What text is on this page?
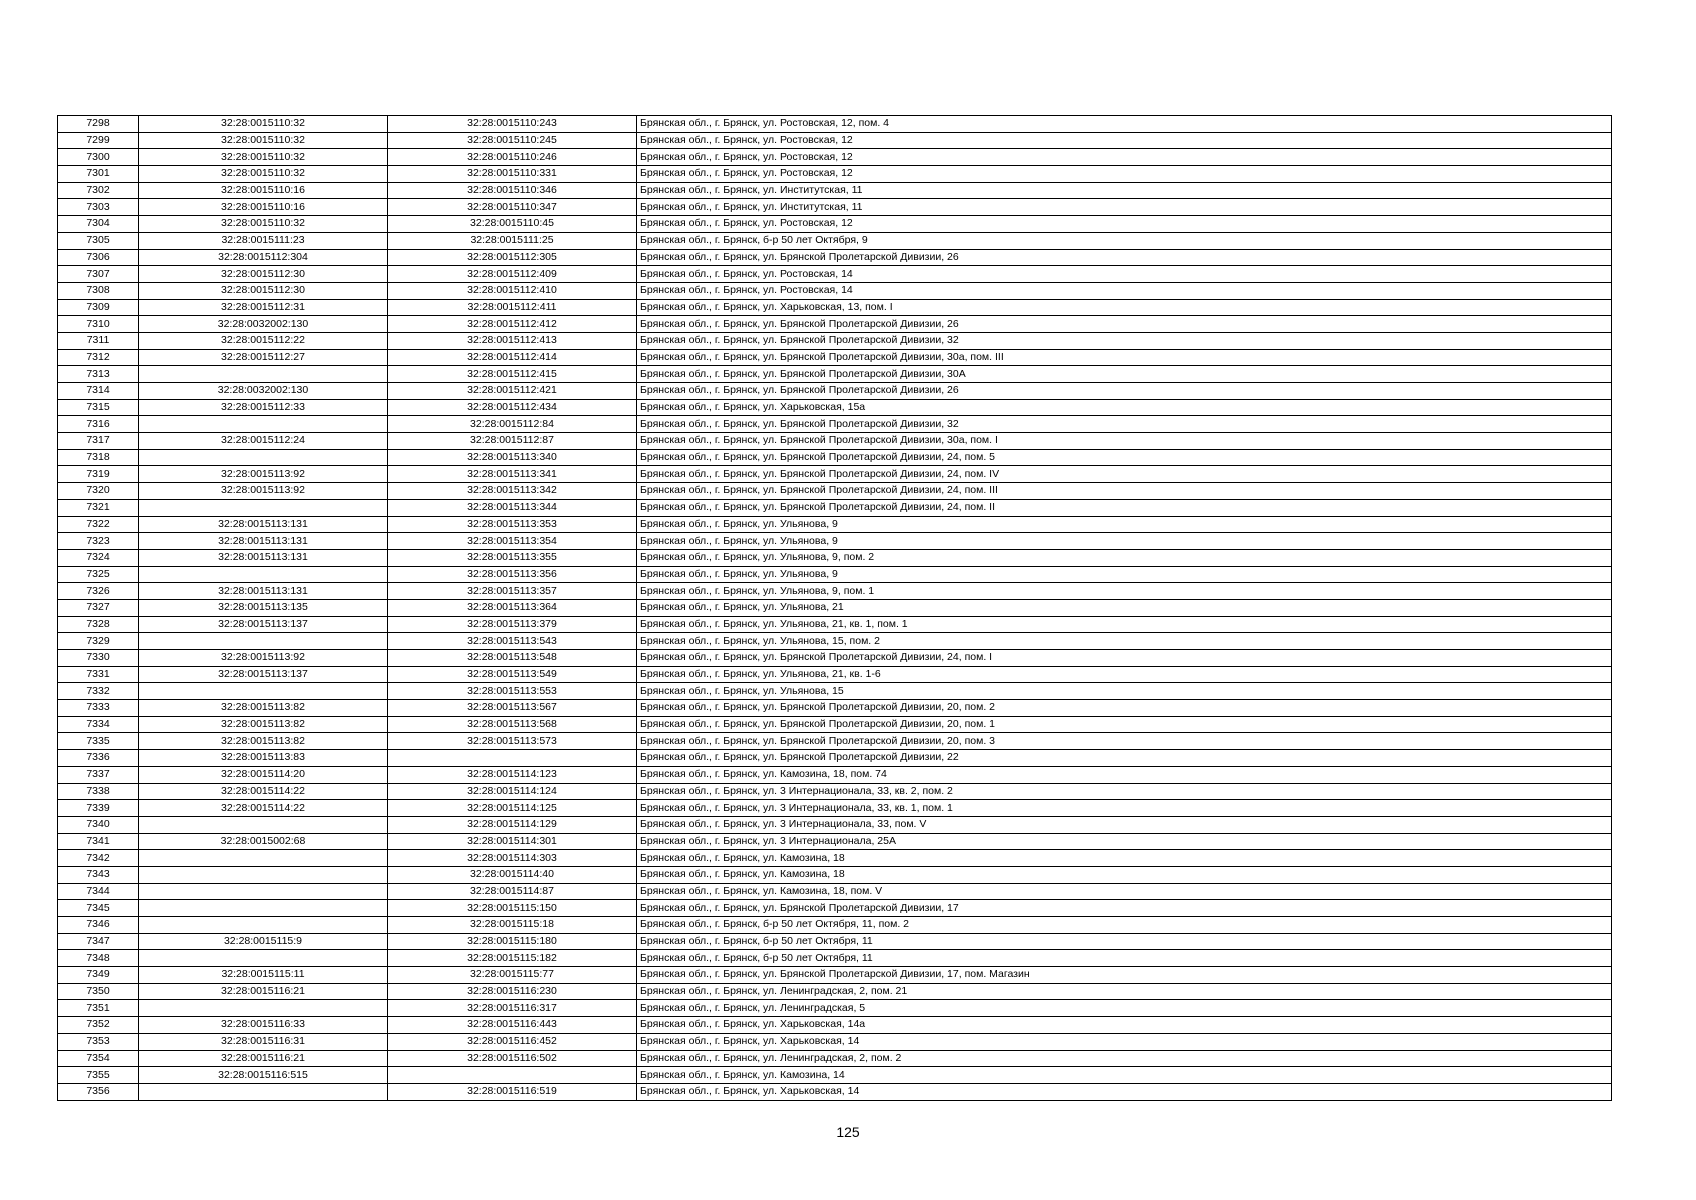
7298	32:28:0015110:32	32:28:0015110:243	Брянская обл., г. Брянск, ул. Ростовская, 12, пом. 4
7299	32:28:0015110:32	32:28:0015110:245	Брянская обл., г. Брянск, ул. Ростовская, 12
7300	32:28:0015110:32	32:28:0015110:246	Брянская обл., г. Брянск, ул. Ростовская, 12
7301	32:28:0015110:32	32:28:0015110:331	Брянская обл., г. Брянск, ул. Ростовская, 12
7302	32:28:0015110:16	32:28:0015110:346	Брянская обл., г. Брянск, ул. Институтская, 11
7303	32:28:0015110:16	32:28:0015110:347	Брянская обл., г. Брянск, ул. Институтская, 11
7304	32:28:0015110:32	32:28:0015110:45	Брянская обл., г. Брянск, ул. Ростовская, 12
7305	32:28:0015111:23	32:28:0015111:25	Брянская обл., г. Брянск, б-р 50 лет Октября, 9
7306	32:28:0015112:304	32:28:0015112:305	Брянская обл., г. Брянск, ул. Брянской Пролетарской Дивизии, 26
7307	32:28:0015112:30	32:28:0015112:409	Брянская обл., г. Брянск, ул. Ростовская, 14
7308	32:28:0015112:30	32:28:0015112:410	Брянская обл., г. Брянск, ул. Ростовская, 14
7309	32:28:0015112:31	32:28:0015112:411	Брянская обл., г. Брянск, ул. Харьковская, 13, пом. I
7310	32:28:0032002:130	32:28:0015112:412	Брянская обл., г. Брянск, ул. Брянской Пролетарской Дивизии, 26
7311	32:28:0015112:22	32:28:0015112:413	Брянская обл., г. Брянск, ул. Брянской Пролетарской Дивизии, 32
7312	32:28:0015112:27	32:28:0015112:414	Брянская обл., г. Брянск, ул. Брянской Пролетарской Дивизии, 30а, пом. III
7313		32:28:0015112:415	Брянская обл., г. Брянск, ул. Брянской Пролетарской Дивизии, 30А
7314	32:28:0032002:130	32:28:0015112:421	Брянская обл., г. Брянск, ул. Брянской Пролетарской Дивизии, 26
7315	32:28:0015112:33	32:28:0015112:434	Брянская обл., г. Брянск, ул. Харьковская, 15а
7316		32:28:0015112:84	Брянская обл., г. Брянск, ул. Брянской Пролетарской Дивизии, 32
7317	32:28:0015112:24	32:28:0015112:87	Брянская обл., г. Брянск, ул. Брянской Пролетарской Дивизии, 30а, пом. I
7318		32:28:0015113:340	Брянская обл., г. Брянск, ул. Брянской Пролетарской Дивизии, 24, пом. 5
7319	32:28:0015113:92	32:28:0015113:341	Брянская обл., г. Брянск, ул. Брянской Пролетарской Дивизии, 24, пом. IV
7320	32:28:0015113:92	32:28:0015113:342	Брянская обл., г. Брянск, ул. Брянской Пролетарской Дивизии, 24, пом. III
7321		32:28:0015113:344	Брянская обл., г. Брянск, ул. Брянской Пролетарской Дивизии, 24, пом. II
7322	32:28:0015113:131	32:28:0015113:353	Брянская обл., г. Брянск, ул. Ульянова, 9
7323	32:28:0015113:131	32:28:0015113:354	Брянская обл., г. Брянск, ул. Ульянова, 9
7324	32:28:0015113:131	32:28:0015113:355	Брянская обл., г. Брянск, ул. Ульянова, 9, пом. 2
7325		32:28:0015113:356	Брянская обл., г. Брянск, ул. Ульянова, 9
7326	32:28:0015113:131	32:28:0015113:357	Брянская обл., г. Брянск, ул. Ульянова, 9, пом. 1
7327	32:28:0015113:135	32:28:0015113:364	Брянская обл., г. Брянск, ул. Ульянова, 21
7328	32:28:0015113:137	32:28:0015113:379	Брянская обл., г. Брянск, ул. Ульянова, 21, кв. 1, пом. 1
7329		32:28:0015113:543	Брянская обл., г. Брянск, ул. Ульянова, 15, пом. 2
7330	32:28:0015113:92	32:28:0015113:548	Брянская обл., г. Брянск, ул. Брянской Пролетарской Дивизии, 24, пом. I
7331	32:28:0015113:137	32:28:0015113:549	Брянская обл., г. Брянск, ул. Ульянова, 21, кв. 1-6
7332		32:28:0015113:553	Брянская обл., г. Брянск, ул. Ульянова, 15
7333	32:28:0015113:82	32:28:0015113:567	Брянская обл., г. Брянск, ул. Брянской Пролетарской Дивизии, 20, пом. 2
7334	32:28:0015113:82	32:28:0015113:568	Брянская обл., г. Брянск, ул. Брянской Пролетарской Дивизии, 20, пом. 1
7335	32:28:0015113:82	32:28:0015113:573	Брянская обл., г. Брянск, ул. Брянской Пролетарской Дивизии, 20, пом. 3
7336	32:28:0015113:83		Брянская обл., г. Брянск, ул. Брянской Пролетарской Дивизии, 22
7337	32:28:0015114:20	32:28:0015114:123	Брянская обл., г. Брянск, ул. Камозина, 18, пом. 74
7338	32:28:0015114:22	32:28:0015114:124	Брянская обл., г. Брянск, ул. 3 Интернационала, 33, кв. 2, пом. 2
7339	32:28:0015114:22	32:28:0015114:125	Брянская обл., г. Брянск, ул. 3 Интернационала, 33, кв. 1, пом. 1
7340		32:28:0015114:129	Брянская обл., г. Брянск, ул. 3 Интернационала, 33, пом. V
7341	32:28:0015002:68	32:28:0015114:301	Брянская обл., г. Брянск, ул. 3 Интернационала, 25А
7342		32:28:0015114:303	Брянская обл., г. Брянск, ул. Камозина, 18
7343		32:28:0015114:40	Брянская обл., г. Брянск, ул. Камозина, 18
7344		32:28:0015114:87	Брянская обл., г. Брянск, ул. Камозина, 18, пом. V
7345		32:28:0015115:150	Брянская обл., г. Брянск, ул. Брянской Пролетарской Дивизии, 17
7346		32:28:0015115:18	Брянская обл., г. Брянск, б-р 50 лет Октября, 11, пом. 2
7347	32:28:0015115:9	32:28:0015115:180	Брянская обл., г. Брянск, б-р 50 лет Октября, 11
7348		32:28:0015115:182	Брянская обл., г. Брянск, б-р 50 лет Октября, 11
7349	32:28:0015115:11	32:28:0015115:77	Брянская обл., г. Брянск, ул. Брянской Пролетарской Дивизии, 17, пом. Магазин
7350	32:28:0015116:21	32:28:0015116:230	Брянская обл., г. Брянск, ул. Ленинградская, 2, пом. 21
7351		32:28:0015116:317	Брянская обл., г. Брянск, ул. Ленинградская, 5
7352	32:28:0015116:33	32:28:0015116:443	Брянская обл., г. Брянск, ул. Харьковская, 14а
7353	32:28:0015116:31	32:28:0015116:452	Брянская обл., г. Брянск, ул. Харьковская, 14
7354	32:28:0015116:21	32:28:0015116:502	Брянская обл., г. Брянск, ул. Ленинградская, 2, пом. 2
7355	32:28:0015116:515		Брянская обл., г. Брянск, ул. Камозина, 14
7356		32:28:0015116:519	Брянская обл., г. Брянск, ул. Харьковская, 14
125
